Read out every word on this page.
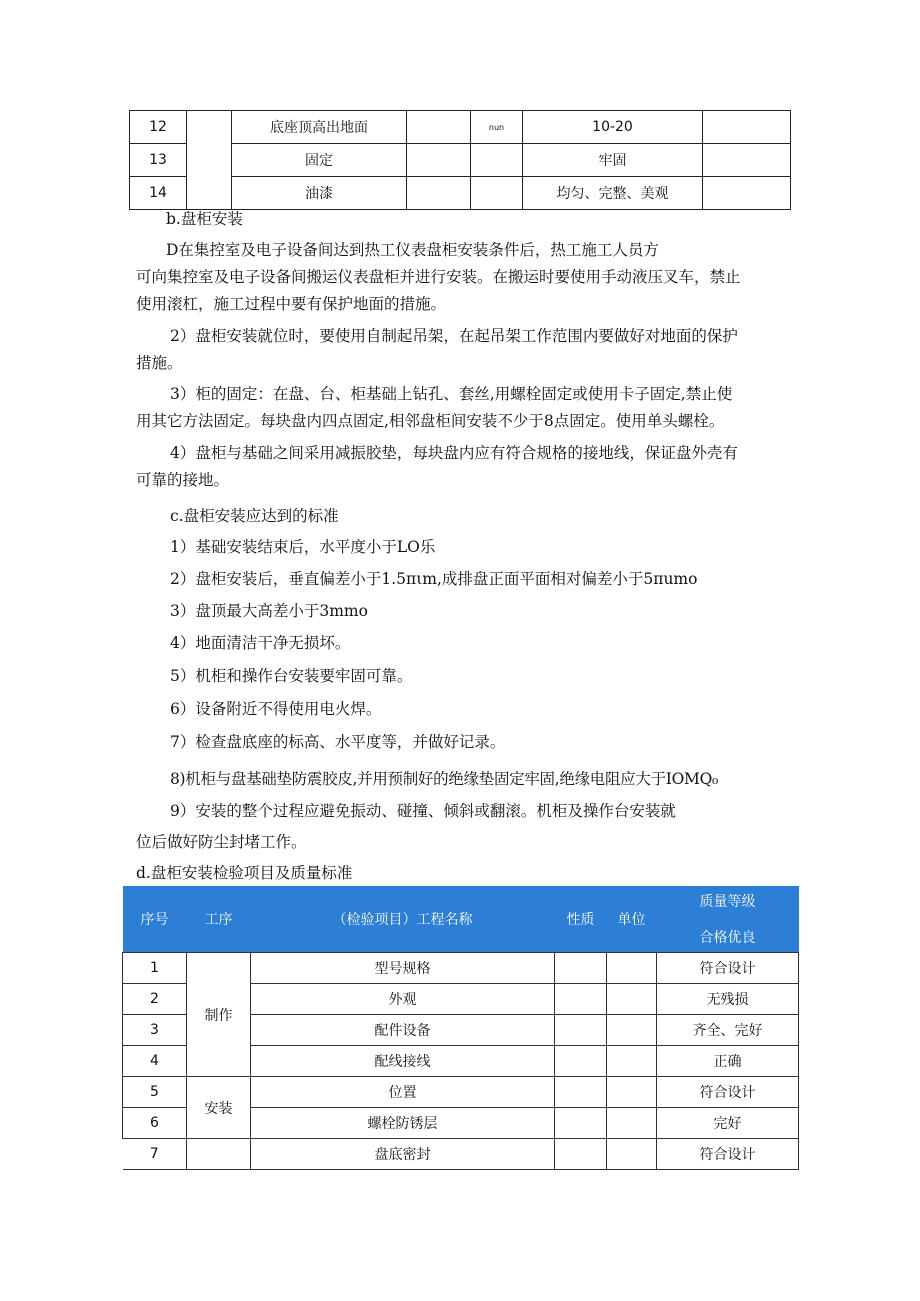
12		底座顶高出地面		nun	10-20	
13		固定			牢固	
14		油漆			均匀、完整、美观	
b.盘柜安装
D在集控室及电子设备间达到热工仪表盘柜安装条件后，热工施工人员方
可向集控室及电子设备间搬运仪表盘柜并进行安装。在搬运时要使用手动液压叉车，禁止
使用滚杠，施工过程中要有保护地面的措施。
2）盘柜安装就位时，要使用自制起吊架，在起吊架工作范围内要做好对地面的保护
措施。
3）柜的固定：在盘、台、柜基础上钻孔、套丝,用螺栓固定或使用卡子固定,禁止使
用其它方法固定。每块盘内四点固定,相邻盘柜间安装不少于8点固定。使用单头螺栓。
4）盘柜与基础之间采用减振胶垫，每块盘内应有符合规格的接地线，保证盘外壳有
可靠的接地。
c.盘柜安装应达到的标准
1）基础安装结束后，水平度小于LO乐
2）盘柜安装后，垂直偏差小于1.5πιm,成排盘正面平面相对偏差小于5πumo
3）盘顶最大高差小于3mmo
4）地面清洁干净无损坏。
5）机柜和操作台安装要牢固可靠。
6）设备附近不得使用电火焊。
7）检查盘底座的标高、水平度等，并做好记录。
8)机柜与盘基础垫防震胶皮,并用预制好的绝缘垫固定牢固,绝缘电阻应大于IOMQ₀
9）安装的整个过程应避免振动、碰撞、倾斜或翻滚。机柜及操作台安装就
位后做好防尘封堵工作。
d.盘柜安装检验项目及质量标准
序号	工序	（检验项目）工程名称	性质	单位	质量等级
合格优良

1	制作	型号规格			符合设计
2		外观			无残损
3		配件设备			齐全、完好
4		配线接线			正确
5	安装	位置			符合设计
6		螺栓防锈层			完好
7		盘底密封			符合设计
